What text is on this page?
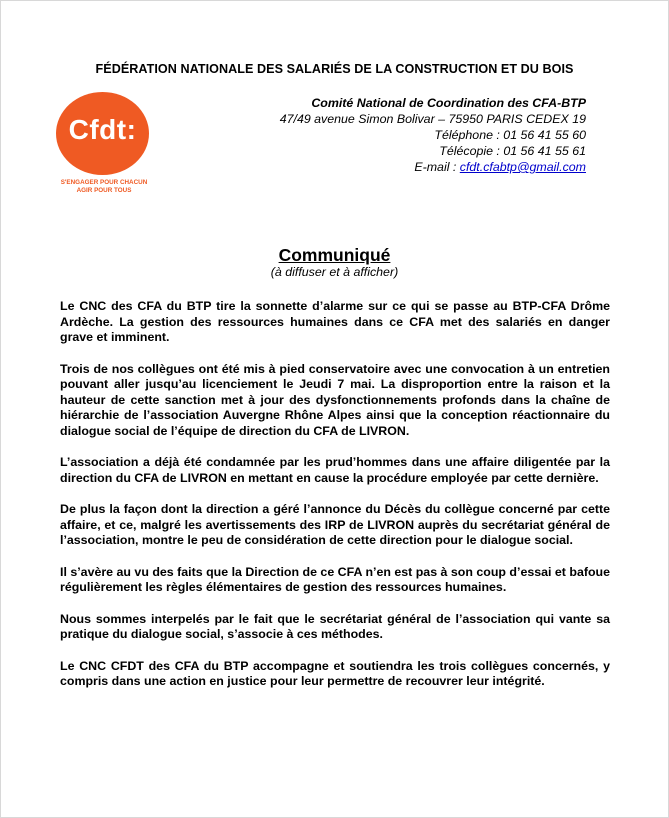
FÉDÉRATION NATIONALE DES SALARIÉS DE LA CONSTRUCTION ET DU BOIS
Cfdt:
S'ENGAGER POUR CHACUN
AGIR POUR TOUS
Comité National de Coordination des CFA-BTP
47/49 avenue Simon Bolivar – 75950 PARIS CEDEX 19
Téléphone : 01 56 41 55 60
Télécopie : 01 56 41 55 61
E-mail : cfdt.cfabtp@gmail.com
Communiqué
(à diffuser et à afficher)

Le CNC des CFA du BTP tire la sonnette d’alarme sur ce qui se passe au BTP-CFA Drôme Ardèche. La gestion des ressources humaines dans ce CFA met des salariés en danger grave et imminent.

Trois de nos collègues ont été mis à pied conservatoire avec une convocation à un entretien pouvant aller jusqu’au licenciement le Jeudi 7 mai. La disproportion entre la raison et la hauteur de cette sanction met à jour des dysfonctionnements profonds dans la chaîne de hiérarchie de l’association Auvergne Rhône Alpes ainsi que la conception réactionnaire du dialogue social de l’équipe de direction du CFA de LIVRON.

L’association a déjà été condamnée par les prud’hommes dans une affaire diligentée par la direction du CFA de LIVRON en mettant en cause la procédure employée par cette dernière.

De plus la façon dont la direction a géré l’annonce du Décès du collègue concerné par cette affaire, et ce, malgré les avertissements des IRP de LIVRON auprès du secrétariat général de l’association, montre le peu de considération de cette direction pour le dialogue social.

Il s’avère au vu des faits que la Direction de ce CFA n’en est pas à son coup d’essai et bafoue régulièrement les règles élémentaires de gestion des ressources humaines.

Nous sommes interpelés par le fait que le secrétariat général de l’association qui vante sa pratique du dialogue social, s’associe à ces méthodes.

Le CNC CFDT des CFA du BTP accompagne et soutiendra les trois collègues concernés, y compris dans une action en justice pour leur permettre de recouvrer leur intégrité.
